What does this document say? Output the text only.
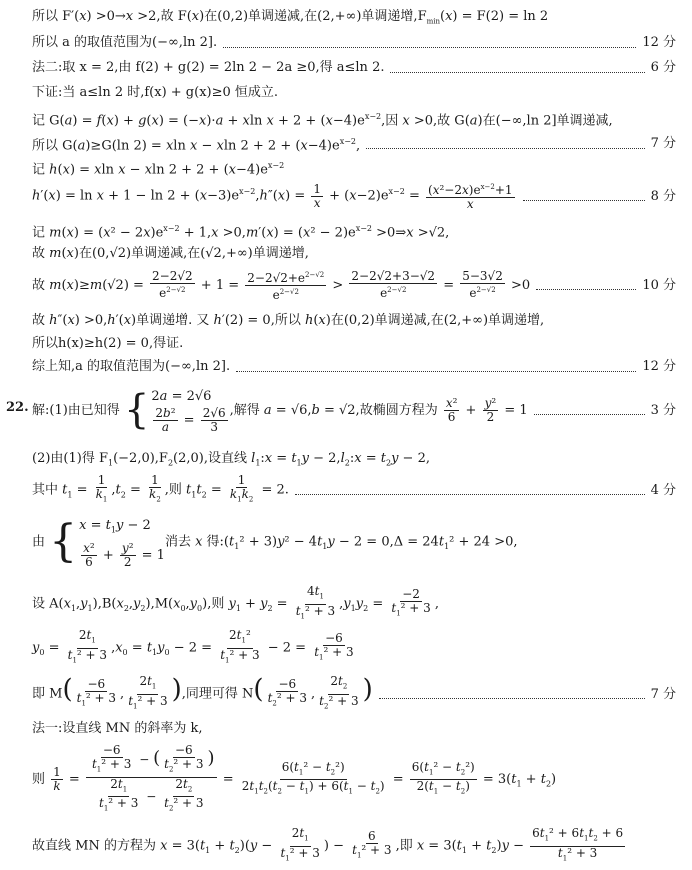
所以 F′(x) >0→x >2,故 F(x)在(0,2)单调递减,在(2,+∞)单调递增$,F_{min}(x) = F(2) = \ln 2$
所以 a 的取值范围为(−∞,ln 2].	12 分
法二:取 x = 2,由 f(2) + g(2) = 2ln 2 − 2a ≥0,得 a≤ln 2.	6 分
下证:当 a≤ln 2 时,f(x) + g(x)≥0 恒成立.
记 G(a) = f(x) + g(x) = (−x)·a + xln $x + 2 + (x-4)e^{x-2}$,因 x >0,故 G(a)在(−∞,ln 2]单调递减,
所以 G(a)≥G(ln 2) = xln x − xln $2 + 2 + (x-4)e^{x-2}$,	7 分
记 h(x) = xln x − xln $2 + 2 + (x-4)e^{x-2}$
$h'(x) = \ln x + 1 - \ln 2 + (x-3)e^{x-2},h''(x) = \frac{1}{x} + (x-2)e^{x-2} = \frac{(x^2-2x)e^{x-2}+1}{x}$	8 分
记 $m(x) = (x^2 - 2x)e^{x-2} + 1,x >0,m'(x) = (x^2 - 2)e^{x-2}$ >0⇒x >√2,
故 m(x)在(0,√2)单调递减,在(√2,+∞)单调递增,
故 $m(x)\ge m(√2) = \frac{2-2√2}{e^{2-√2}} + 1 = \frac{2-2√2+e^{2-√2}}{e^{2-√2}} > \frac{2-2√2+3-√2}{e^{2-√2}} = \frac{5-3√2}{e^{2-√2}} >0$	10 分
故 h″(x) >0,h′(x)单调递增. 又 h′(2) = 0,所以 h(x)在(0,2)单调递减,在(2,+∞)单调递增,
所以h(x)≥h(2) = 0,得证.
综上知,a 的取值范围为(−∞,ln 2].	12 分
22. 解:(1)由已知得 { 2a = 2√6
$\frac{\text{2b²}}{a} = \frac{2√6}{3}$ ,解得 a = √6,b = √2,故椭圆方程为 $\frac{\text{x²}}{6} + \frac{\text{y²}}{2} = 1$	3 分
(2)由(1)得 $F_1(-2,0),F_2(2,0)$,设直线 $l_1:x = t_1y$ − $2,l_2:x = t_2y - 2$,
其中 $t_1 = \frac{1}{k_1} ,t_2 = \frac{1}{k_2}$ ,则 $t_1t_2 = \frac{1}{k_1k_2} = 2$.	4 分
由 { $x = t_1y - 2$
$\frac{\text{x²}}{6} + \frac{\text{y²}}{2} = 1$
消去 x 得$:(t_1^2 + 3)y^2 - 4t_1y - 2 = 0,\Delta = 24t_1^2 + 24 >0$,
设 $A(x_1,y_1),B(x_2,y_2),M(x_0,y_0)$,则 $y_1 + y_2 = \frac{4t_1}{t_1^2 + 3} ,y_1y_2 = \frac{-2}{t_1^2 + 3}$ ,
$y_0 = \frac{2t_1}{t_1^2 + 3} ,x_0 = t_1y_0 - 2 = \frac{2t_1^2}{t_1^2 + 3} - 2 = \frac{-6}{t_1^2 + 3}$
即 $M( \frac{-6}{t_1^2 + 3}$ , $\frac{2t_1}{t_1^2 + 3}$ ),同理可得 $N( \frac{-6}{t_2^2 + 3}$ , $\frac{2t_2}{t_2^2 + 3}$ )	7 分
法一:设直线 MN 的斜率为 k,
则 $\frac{1}{k} = \frac{\frac{-6}{t_1^2 + 3} - ( \frac{-6}{t_2^2 + 3} )}{\frac{2t_1}{t_1^2 + 3} - \frac{2t_2}{t_2^2 + 3}} = \frac{6(t_1^2 - t_2^2)}{2t_1t_2(t_2 - t_1) + 6(t_1 - t_2)} = \frac{6(t_1^2 - t_2^2)}{2(t_1 - t_2)} = 3(t_1 + t_2)$
故直线 MN 的方程为 $x = 3(t_1 + t_2)(y - \frac{2t_1}{t_1^2 + 3}$ ) − $\frac{6}{t_1^2 + 3}$ ,即 $x = 3(t_1 + t_2)y - \frac{6t_1^2 + 6t_1t_2 + 6}{t_1^2 + 3}$
